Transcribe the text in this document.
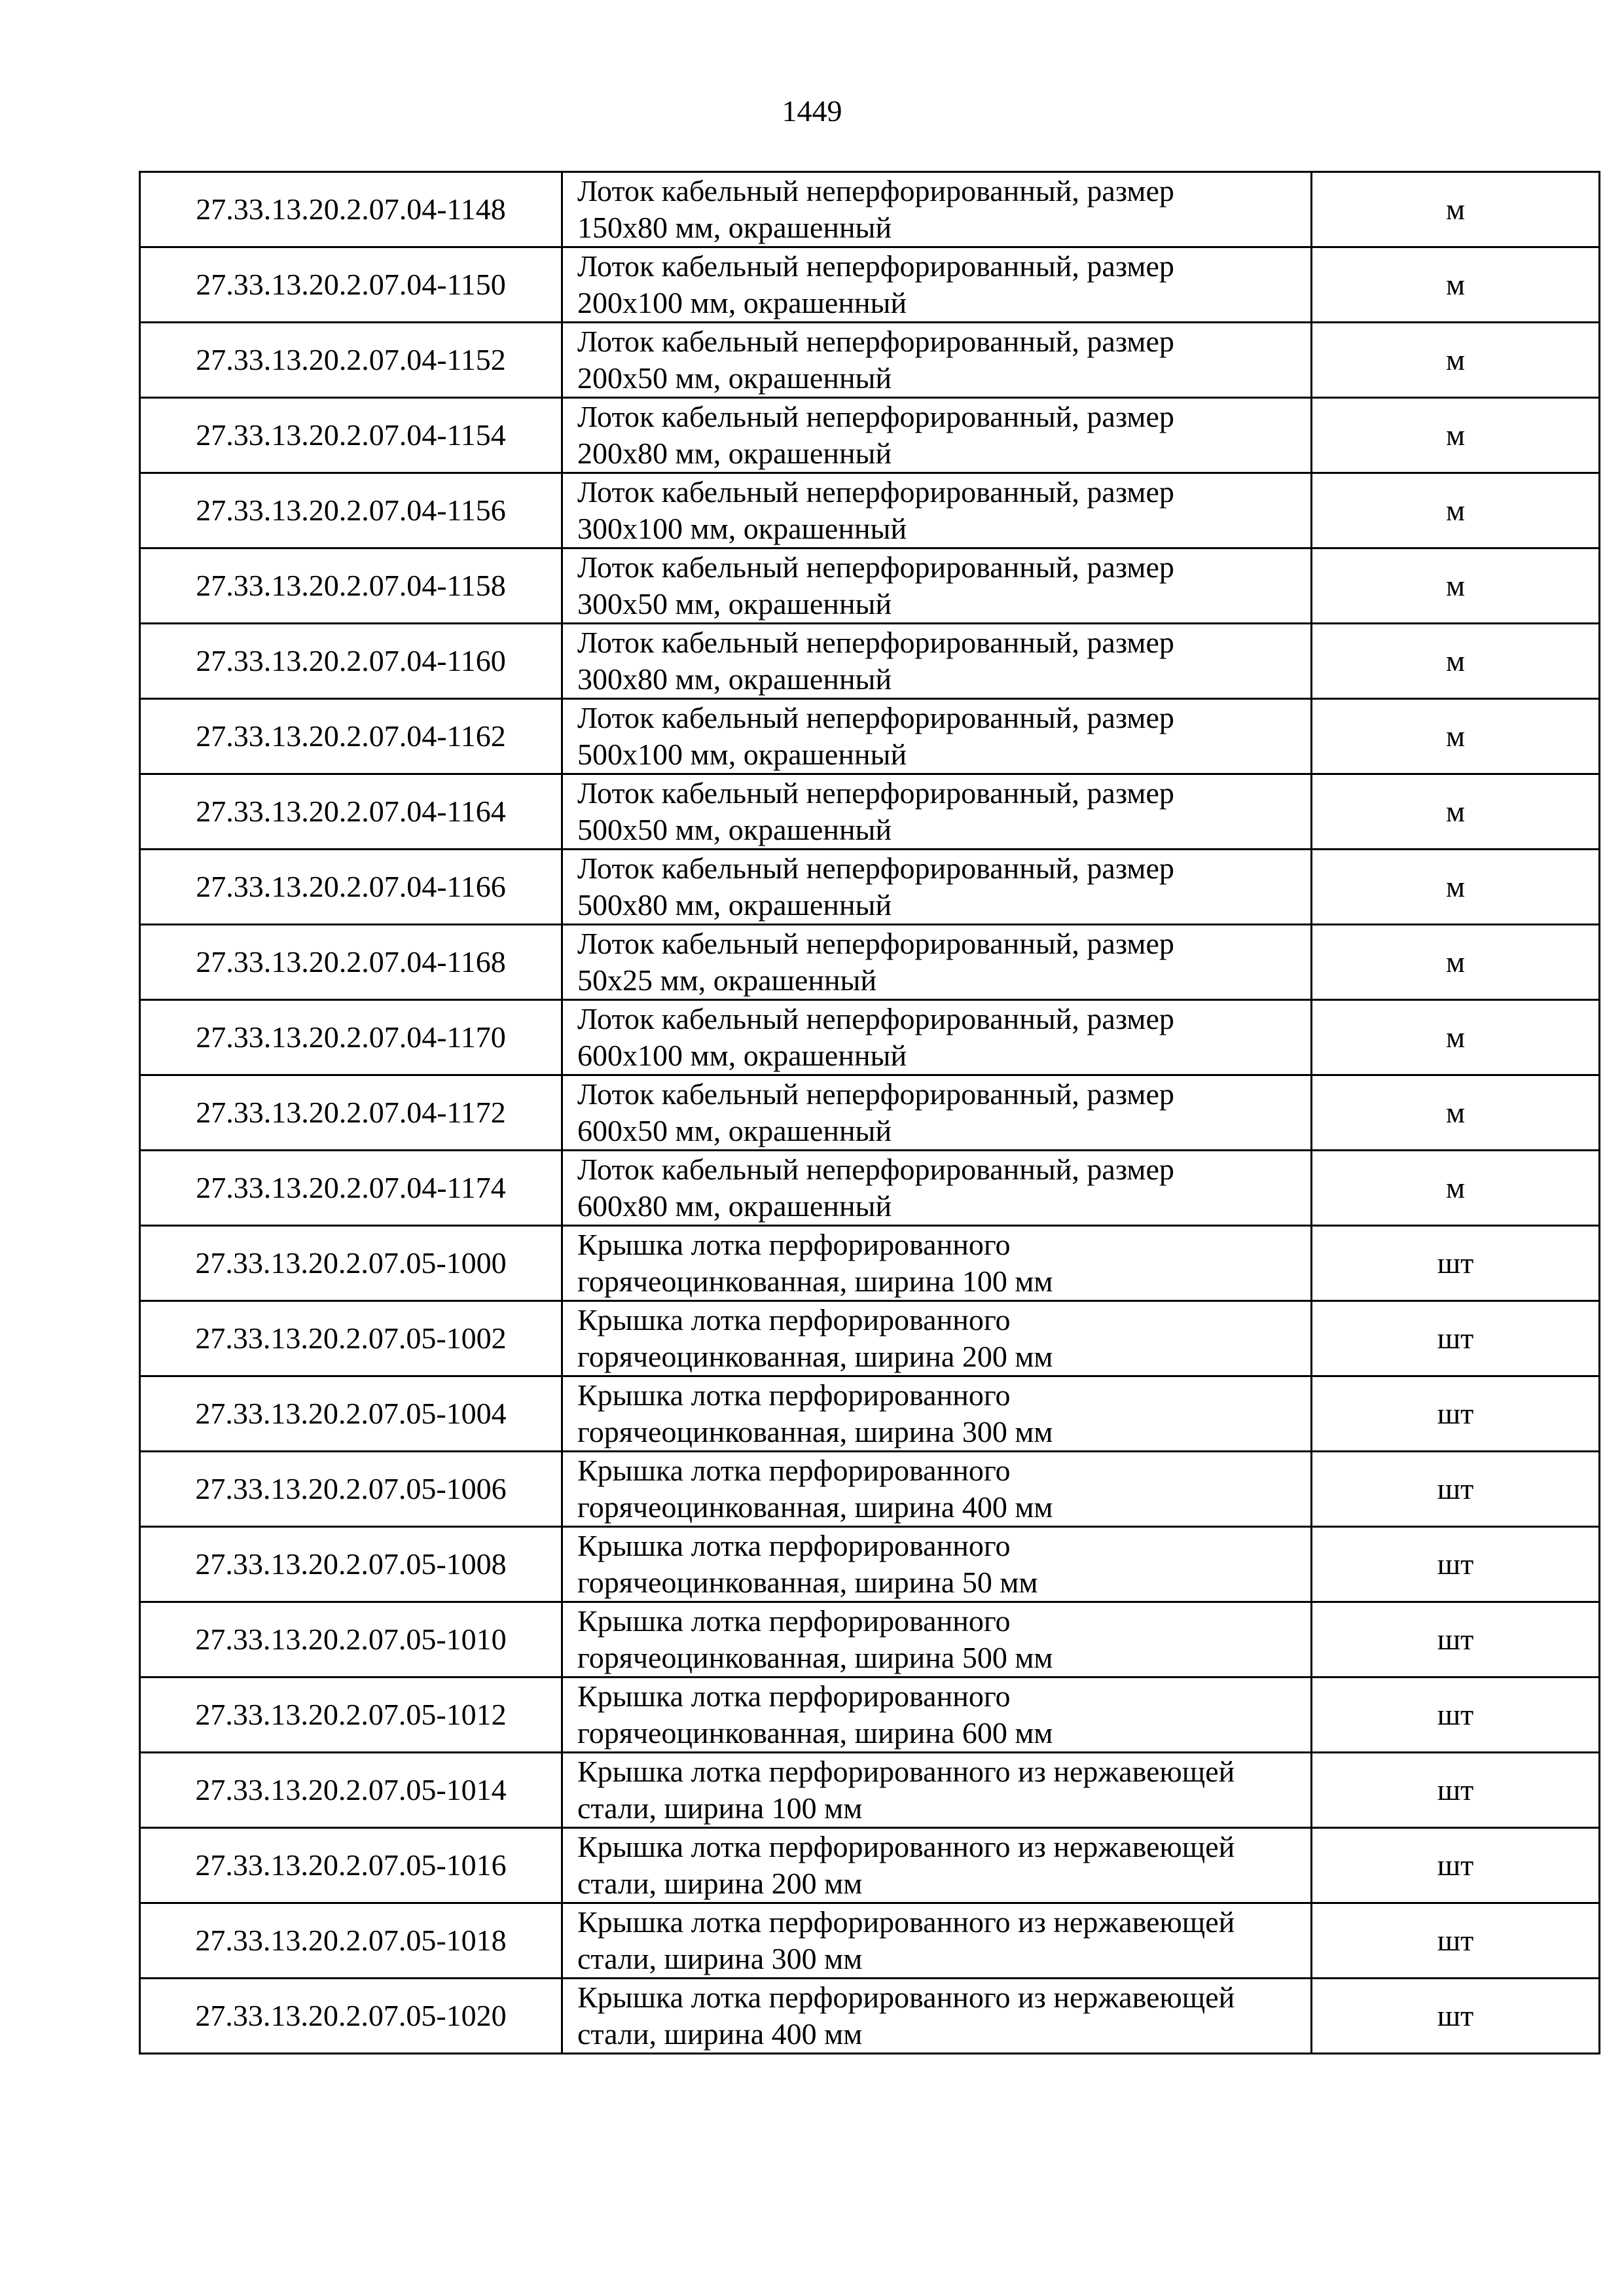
1449
27.33.13.20.2.07.04-1148	Лоток кабельный неперфорированный, размер
150х80 мм, окрашенный	м
27.33.13.20.2.07.04-1150	Лоток кабельный неперфорированный, размер
200х100 мм, окрашенный	м
27.33.13.20.2.07.04-1152	Лоток кабельный неперфорированный, размер
200х50 мм, окрашенный	м
27.33.13.20.2.07.04-1154	Лоток кабельный неперфорированный, размер
200х80 мм, окрашенный	м
27.33.13.20.2.07.04-1156	Лоток кабельный неперфорированный, размер
300х100 мм, окрашенный	м
27.33.13.20.2.07.04-1158	Лоток кабельный неперфорированный, размер
300х50 мм, окрашенный	м
27.33.13.20.2.07.04-1160	Лоток кабельный неперфорированный, размер
300х80 мм, окрашенный	м
27.33.13.20.2.07.04-1162	Лоток кабельный неперфорированный, размер
500х100 мм, окрашенный	м
27.33.13.20.2.07.04-1164	Лоток кабельный неперфорированный, размер
500х50 мм, окрашенный	м
27.33.13.20.2.07.04-1166	Лоток кабельный неперфорированный, размер
500х80 мм, окрашенный	м
27.33.13.20.2.07.04-1168	Лоток кабельный неперфорированный, размер
50х25 мм, окрашенный	м
27.33.13.20.2.07.04-1170	Лоток кабельный неперфорированный, размер
600х100 мм, окрашенный	м
27.33.13.20.2.07.04-1172	Лоток кабельный неперфорированный, размер
600х50 мм, окрашенный	м
27.33.13.20.2.07.04-1174	Лоток кабельный неперфорированный, размер
600х80 мм, окрашенный	м
27.33.13.20.2.07.05-1000	Крышка лотка перфорированного
горячеоцинкованная, ширина 100 мм	шт
27.33.13.20.2.07.05-1002	Крышка лотка перфорированного
горячеоцинкованная, ширина 200 мм	шт
27.33.13.20.2.07.05-1004	Крышка лотка перфорированного
горячеоцинкованная, ширина 300 мм	шт
27.33.13.20.2.07.05-1006	Крышка лотка перфорированного
горячеоцинкованная, ширина 400 мм	шт
27.33.13.20.2.07.05-1008	Крышка лотка перфорированного
горячеоцинкованная, ширина 50 мм	шт
27.33.13.20.2.07.05-1010	Крышка лотка перфорированного
горячеоцинкованная, ширина 500 мм	шт
27.33.13.20.2.07.05-1012	Крышка лотка перфорированного
горячеоцинкованная, ширина 600 мм	шт
27.33.13.20.2.07.05-1014	Крышка лотка перфорированного из нержавеющей
стали, ширина 100 мм	шт
27.33.13.20.2.07.05-1016	Крышка лотка перфорированного из нержавеющей
стали, ширина 200 мм	шт
27.33.13.20.2.07.05-1018	Крышка лотка перфорированного из нержавеющей
стали, ширина 300 мм	шт
27.33.13.20.2.07.05-1020	Крышка лотка перфорированного из нержавеющей
стали, ширина 400 мм	шт
